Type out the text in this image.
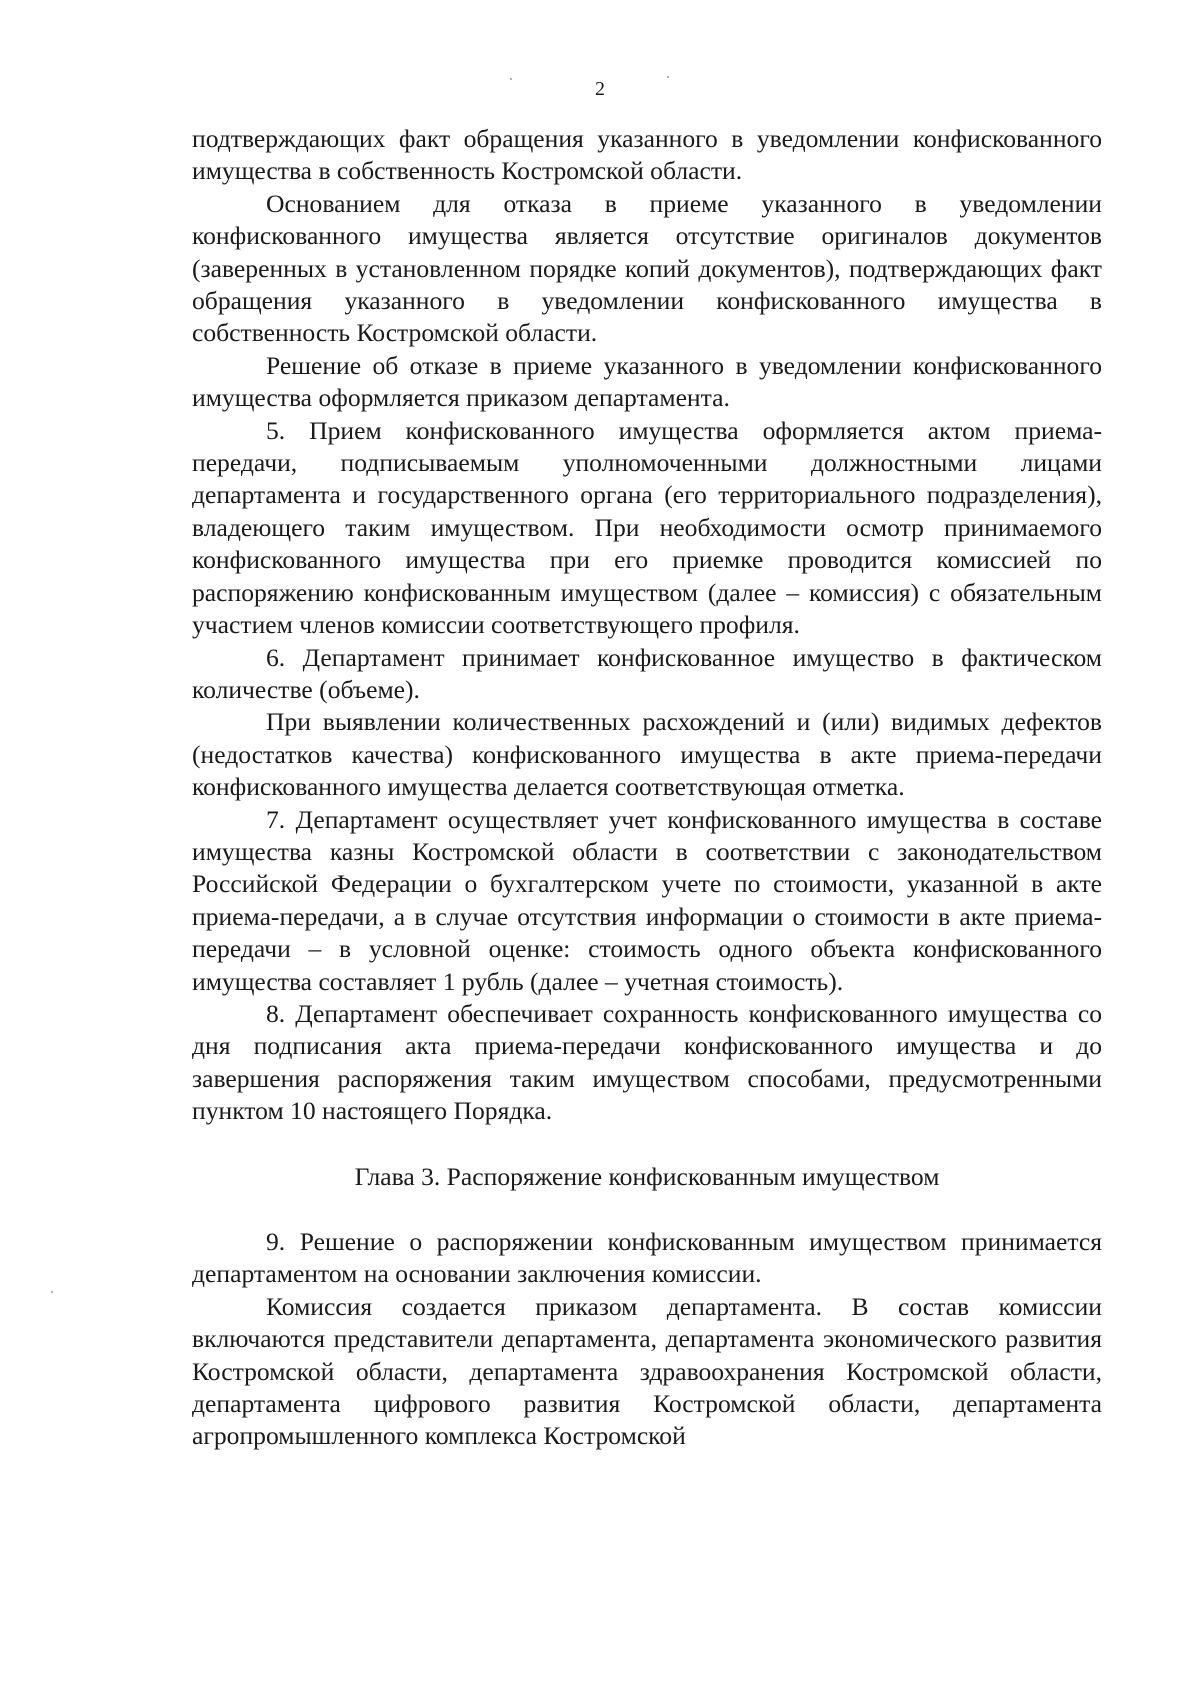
2

подтверждающих факт обращения указанного в уведомлении конфискованного имущества в собственность Костромской области.

Основанием для отказа в приеме указанного в уведомлении конфискованного имущества является отсутствие оригиналов документов (заверенных в установленном порядке копий документов), подтверждающих факт обращения указанного в уведомлении конфискованного имущества в собственность Костромской области.

Решение об отказе в приеме указанного в уведомлении конфискованного имущества оформляется приказом департамента.

5. Прием конфискованного имущества оформляется актом приема-передачи, подписываемым уполномоченными должностными лицами департамента и государственного органа (его территориального подразделения), владеющего таким имуществом. При необходимости осмотр принимаемого конфискованного имущества при его приемке проводится комиссией по распоряжению конфискованным имуществом (далее – комиссия) с обязательным участием членов комиссии соответствующего профиля.

6. Департамент принимает конфискованное имущество в фактическом количестве (объеме).

При выявлении количественных расхождений и (или) видимых дефектов (недостатков качества) конфискованного имущества в акте приема-передачи конфискованного имущества делается соответствующая отметка.

7. Департамент осуществляет учет конфискованного имущества в составе имущества казны Костромской области в соответствии с законодательством Российской Федерации о бухгалтерском учете по стоимости, указанной в акте приема-передачи, а в случае отсутствия информации о стоимости в акте приема-передачи – в условной оценке: стоимость одного объекта конфискованного имущества составляет 1 рубль (далее – учетная стоимость).

8. Департамент обеспечивает сохранность конфискованного имущества со дня подписания акта приема-передачи конфискованного имущества и до завершения распоряжения таким имуществом способами, предусмотренными пунктом 10 настоящего Порядка.

Глава 3. Распоряжение конфискованным имуществом

9. Решение о распоряжении конфискованным имуществом принимается департаментом на основании заключения комиссии.

Комиссия создается приказом департамента. В состав комиссии включаются представители департамента, департамента экономического развития Костромской области, департамента здравоохранения Костромской области, департамента цифрового развития Костромской области, департамента агропромышленного комплекса Костромской
